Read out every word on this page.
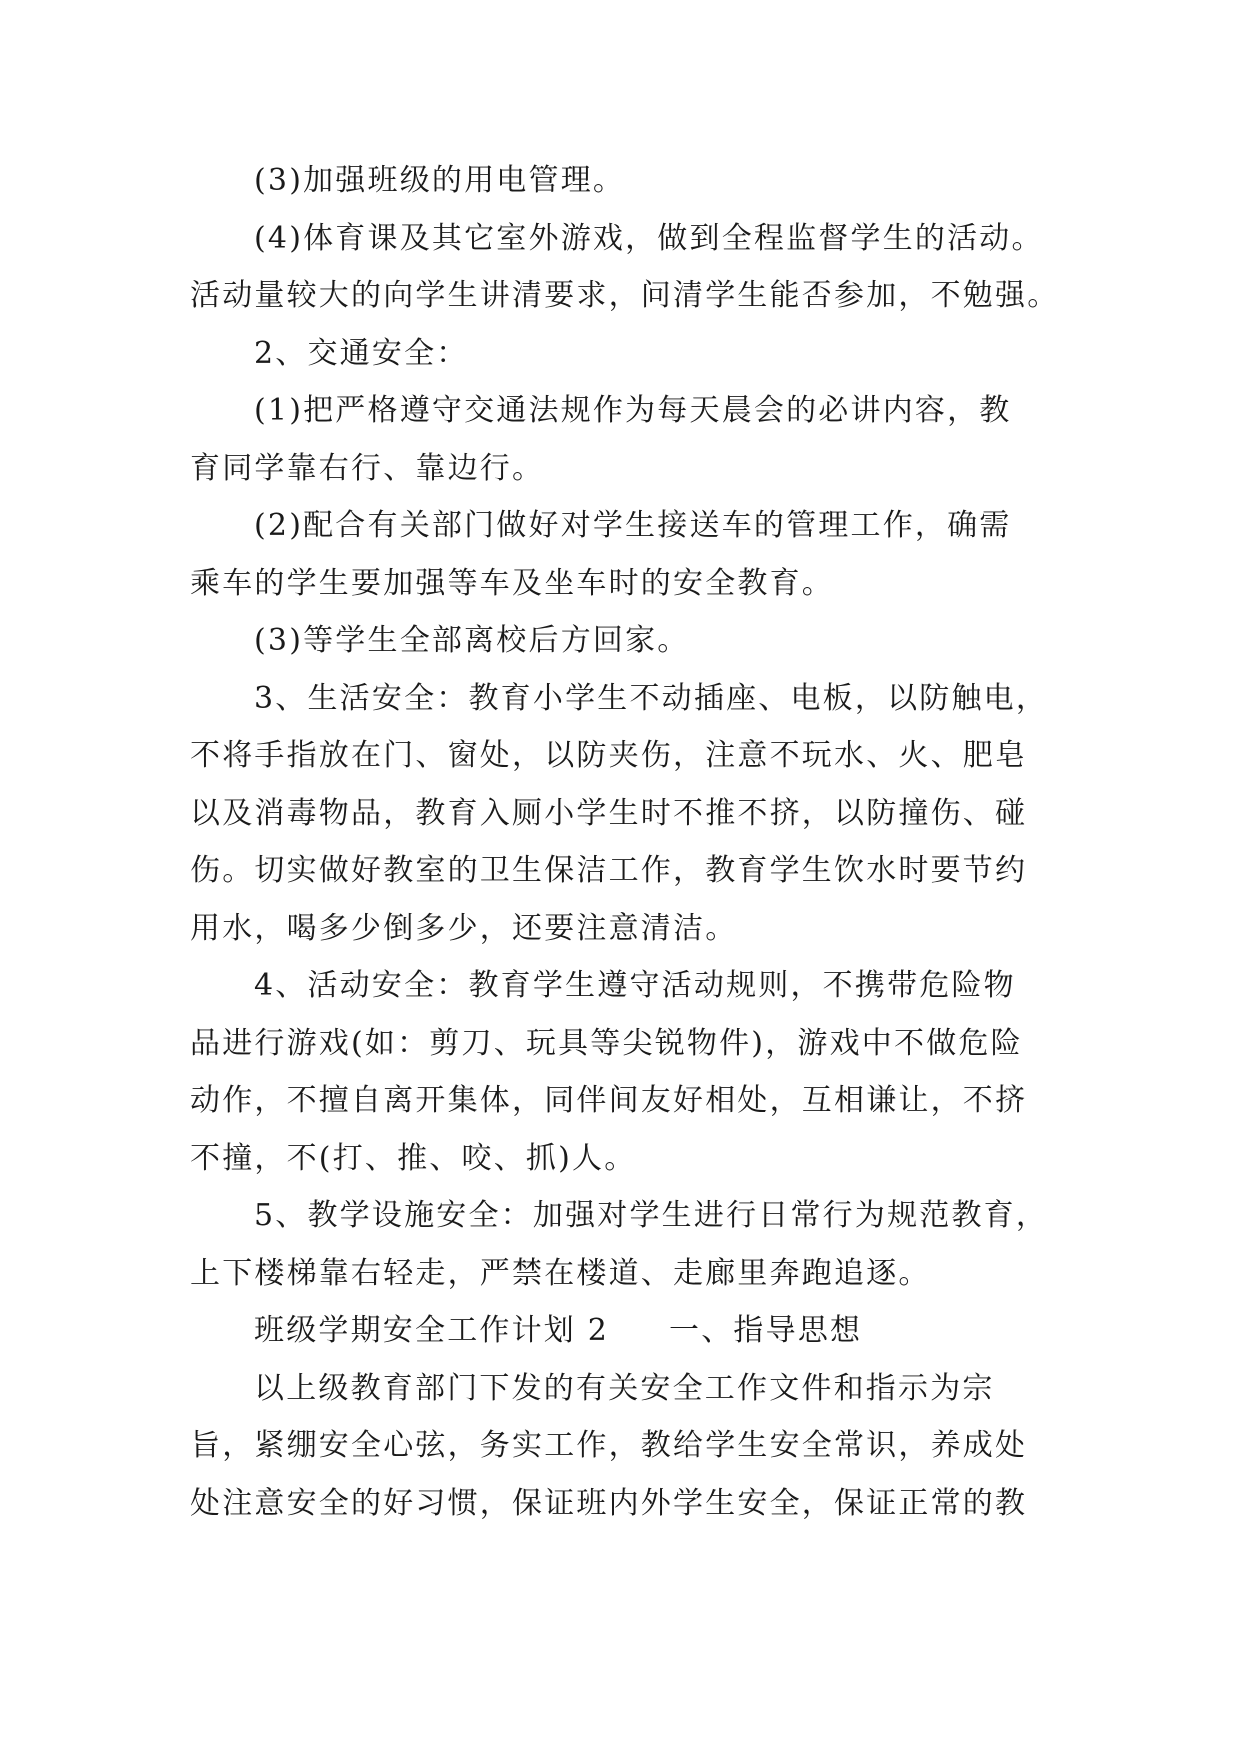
(3)加强班级的用电管理。
(4)体育课及其它室外游戏，做到全程监督学生的活动。
活动量较大的向学生讲清要求，问清学生能否参加，不勉强。
2、交通安全：
(1)把严格遵守交通法规作为每天晨会的必讲内容，教
育同学靠右行、靠边行。
(2)配合有关部门做好对学生接送车的管理工作，确需
乘车的学生要加强等车及坐车时的安全教育。
(3)等学生全部离校后方回家。
3、生活安全：教育小学生不动插座、电板，以防触电，
不将手指放在门、窗处，以防夹伤，注意不玩水、火、肥皂
以及消毒物品，教育入厕小学生时不推不挤，以防撞伤、碰
伤。切实做好教室的卫生保洁工作，教育学生饮水时要节约
用水，喝多少倒多少，还要注意清洁。
4、活动安全：教育学生遵守活动规则，不携带危险物
品进行游戏(如：剪刀、玩具等尖锐物件)，游戏中不做危险
动作，不擅自离开集体，同伴间友好相处，互相谦让，不挤
不撞，不(打、推、咬、抓)人。
5、教学设施安全：加强对学生进行日常行为规范教育，
上下楼梯靠右轻走，严禁在楼道、走廊里奔跑追逐。
班级学期安全工作计划 2 一、指导思想
以上级教育部门下发的有关安全工作文件和指示为宗
旨，紧绷安全心弦，务实工作，教给学生安全常识，养成处
处注意安全的好习惯，保证班内外学生安全，保证正常的教
